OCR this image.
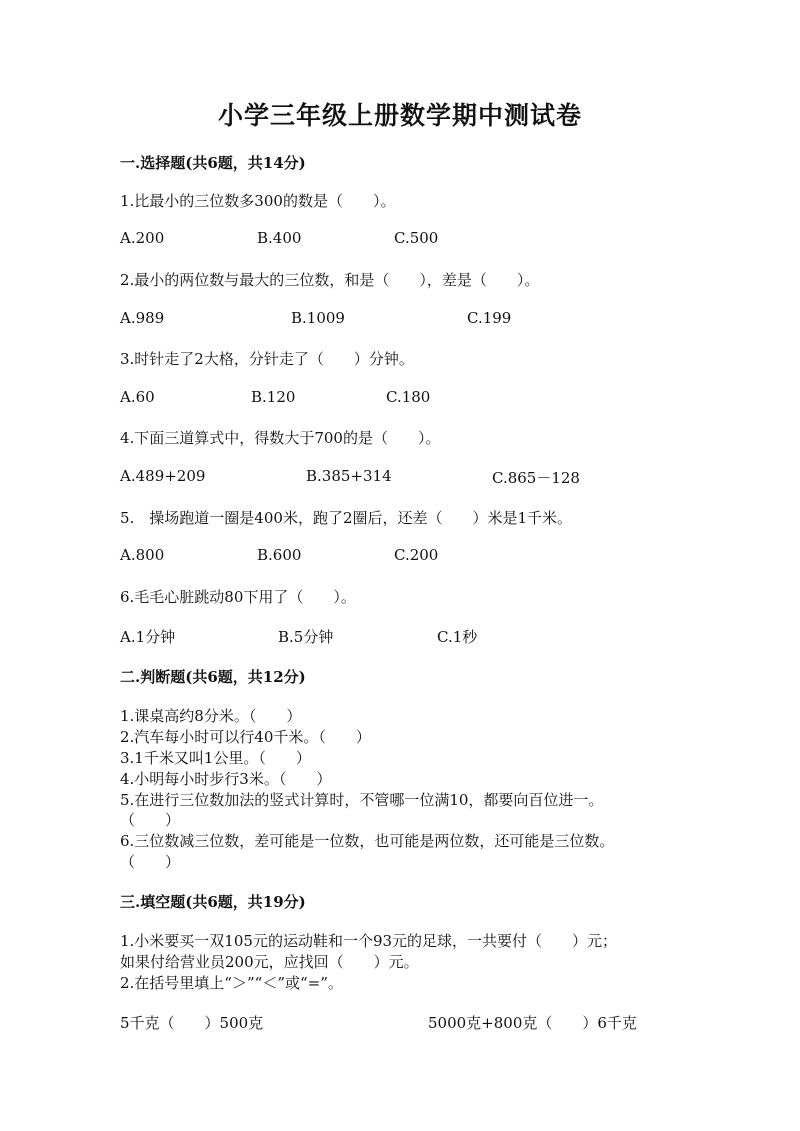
小学三年级上册数学期中测试卷
一.选择题(共6题，共14分)
1.比最小的三位数多300的数是（　　）。
A.200	B.400	C.500
2.最小的两位数与最大的三位数，和是（　　），差是（　　）。
A.989	B.1009	C.199
3.时针走了2大格，分针走了（　　）分钟。
A.60	B.120	C.180
4.下面三道算式中，得数大于700的是（　　）。
A.489+209	B.385+314	C.865－128
5.　操场跑道一圈是400米，跑了2圈后，还差（　　）米是1千米。
A.800	B.600	C.200
6.毛毛心脏跳动80下用了（　　）。
A.1分钟	B.5分钟	C.1秒
二.判断题(共6题，共12分)
1.课桌高约8分米。（　　）
2.汽车每小时可以行40千米。（　　）
3.1千米又叫1公里。（　　）
4.小明每小时步行3米。（　　）
5.在进行三位数加法的竖式计算时，不管哪一位满10，都要向百位进一。
（　　）
6.三位数减三位数，差可能是一位数，也可能是两位数，还可能是三位数。
（　　）
三.填空题(共6题，共19分)
1.小米要买一双105元的运动鞋和一个93元的足球，一共要付（　　）元；
如果付给营业员200元，应找回（　　）元。
2.在括号里填上“＞”“＜”或“=”。
5千克（　　）500克	5000克+800克（　　）6千克
